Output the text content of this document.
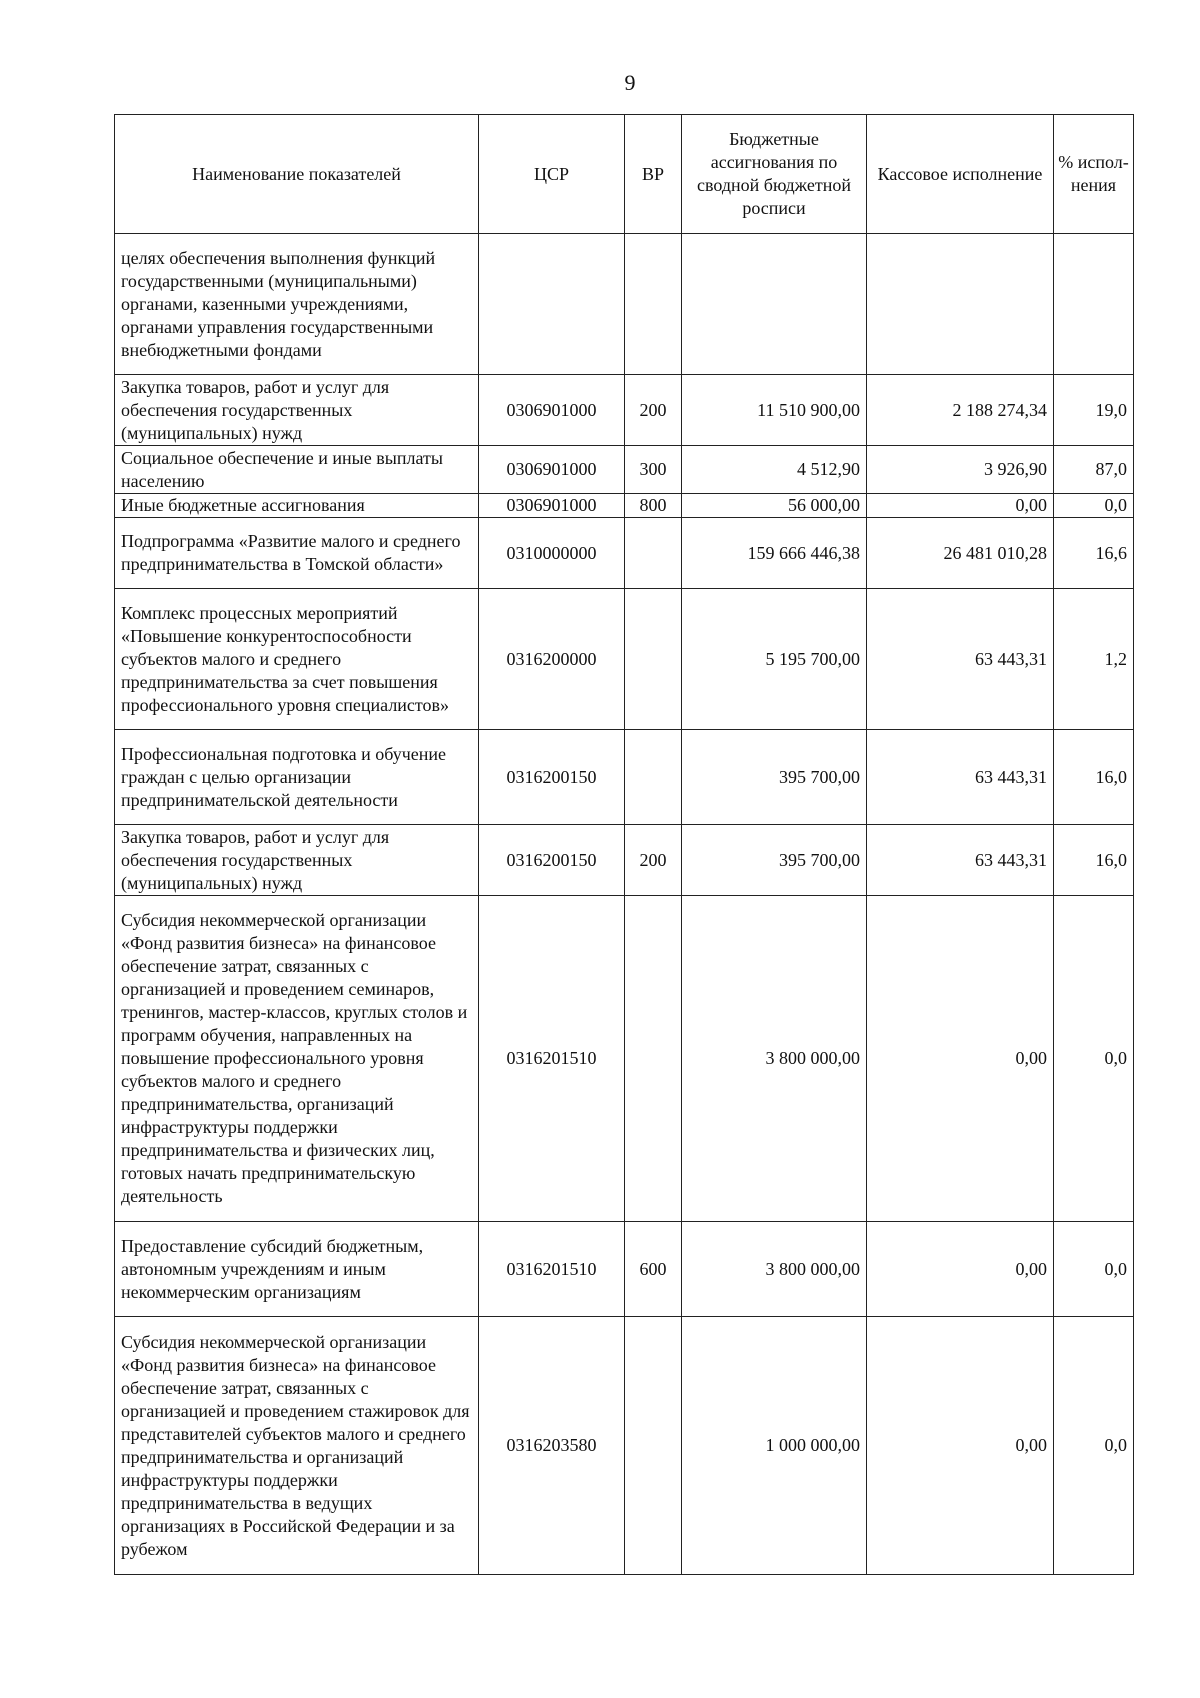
9
Наименование показателей	ЦСР	ВР	Бюджетные ассигнования по сводной бюджетной росписи	Кассовое исполнение	% испол-нения
целях обеспечения выполнения функций государственными (муниципальными) органами, казенными учреждениями, органами управления государственными внебюджетными фондами					
Закупка товаров, работ и услуг для обеспечения государственных (муниципальных) нужд	0306901000	200	11 510 900,00	2 188 274,34	19,0
Социальное обеспечение и иные выплаты населению	0306901000	300	4 512,90	3 926,90	87,0
Иные бюджетные ассигнования	0306901000	800	56 000,00	0,00	0,0
Подпрограмма «Развитие малого и среднего предпринимательства в Томской области»	0310000000		159 666 446,38	26 481 010,28	16,6
Комплекс процессных мероприятий «Повышение конкурентоспособности субъектов малого и среднего предпринимательства за счет повышения профессионального уровня специалистов»	0316200000		5 195 700,00	63 443,31	1,2
Профессиональная подготовка и обучение граждан с целью организации предпринимательской деятельности	0316200150		395 700,00	63 443,31	16,0
Закупка товаров, работ и услуг для обеспечения государственных (муниципальных) нужд	0316200150	200	395 700,00	63 443,31	16,0
Субсидия некоммерческой организации «Фонд развития бизнеса» на финансовое обеспечение затрат, связанных с организацией и проведением семинаров, тренингов, мастер-классов, круглых столов и программ обучения, направленных на повышение профессионального уровня субъектов малого и среднего предпринимательства, организаций инфраструктуры поддержки предпринимательства и физических лиц, готовых начать предпринимательскую деятельность	0316201510		3 800 000,00	0,00	0,0
Предоставление субсидий бюджетным, автономным учреждениям и иным некоммерческим организациям	0316201510	600	3 800 000,00	0,00	0,0
Субсидия некоммерческой организации «Фонд развития бизнеса» на финансовое обеспечение затрат, связанных с организацией и проведением стажировок для представителей субъектов малого и среднего предпринимательства и организаций инфраструктуры поддержки предпринимательства в ведущих организациях в Российской Федерации и за рубежом	0316203580		1 000 000,00	0,00	0,0
